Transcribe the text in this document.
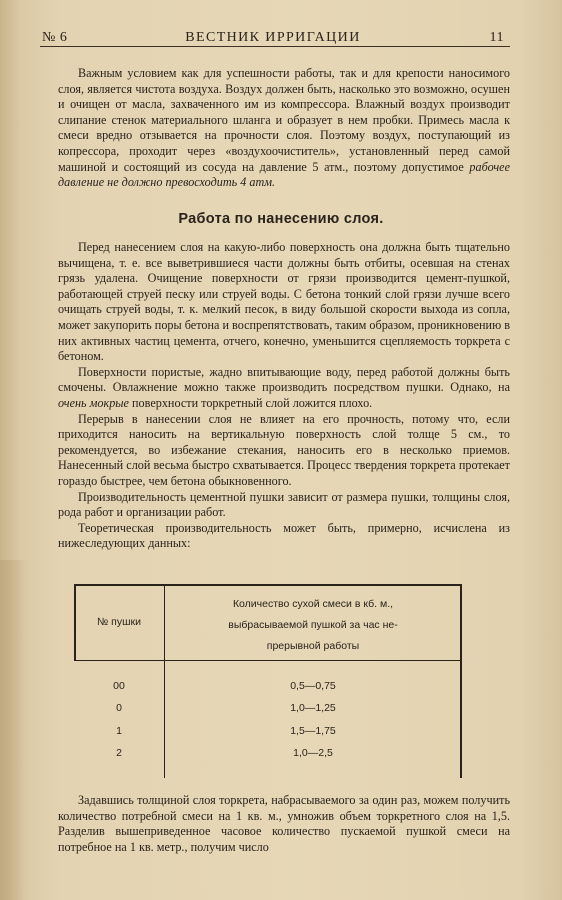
№ 6	ВЕСТНИК ИРРИГАЦИИ	11

Важным условием как для успешности работы, так и для крепости наносимого слоя, является чистота воздуха. Воздух должен быть, насколько это возможно, осушен и очищен от масла, захваченного им из компрессора. Влажный воздух производит слипание стенок материального шланга и образует в нем пробки. Примесь масла к смеси вредно отзывается на прочности слоя. Поэтому воздух, поступающий из копрессора, проходит через «воздухоочиститель», установленный перед самой машиной и состоящий из сосуда на давление 5 атм., поэтому допустимое рабочее давление не должно превосходить 4 атм.

Работа по нанесению слоя.

Перед нанесением слоя на какую-либо поверхность она должна быть тщательно вычищена, т. е. все выветрившиеся части должны быть отбиты, осевшая на стенах грязь удалена. Очищение поверхности от грязи производится цемент-пушкой, работающей струей песку или струей воды. С бетона тонкий слой грязи лучше всего очищать струей воды, т. к. мелкий песок, в виду большой скорости выхода из сопла, может закупорить поры бетона и воспрепятствовать, таким образом, проникновению в них активных частиц цемента, отчего, конечно, уменьшится сцепляемость торкрета с бетоном.

Поверхности пористые, жадно впитывающие воду, перед работой должны быть смочены. Овлажнение можно также производить посредством пушки. Однако, на очень мокрые поверхности торкретный слой ложится плохо.

Перерыв в нанесении слоя не влияет на его прочность, потому что, если приходится наносить на вертикальную поверхность слой толще 5 см., то рекомендуется, во избежание стекания, наносить его в несколько приемов. Нанесенный слой весьма быстро схватывается. Процесс твердения торкрета протекает гораздо быстрее, чем бетона обыкновенного.

Производительность цементной пушки зависит от размера пушки, толщины слоя, рода работ и организации работ.

Теоретическая производительность может быть, примерно, исчислена из нижеследующих данных:

№ пушки
Количество сухой смеси в кб. м.,
выбрасываемой пушкой за час не-
прерывной работы
00	0,5—0,75
0	1,0—1,25
1	1,5—1,75
2	1,0—2,5

Задавшись толщиной слоя торкрета, набрасываемого за один раз, можем получить количество потребной смеси на 1 кв. м., умножив объем торкретного слоя на 1,5. Разделив вышеприведенное часовое количество пускаемой пушкой смеси на потребное на 1 кв. метр., получим число
